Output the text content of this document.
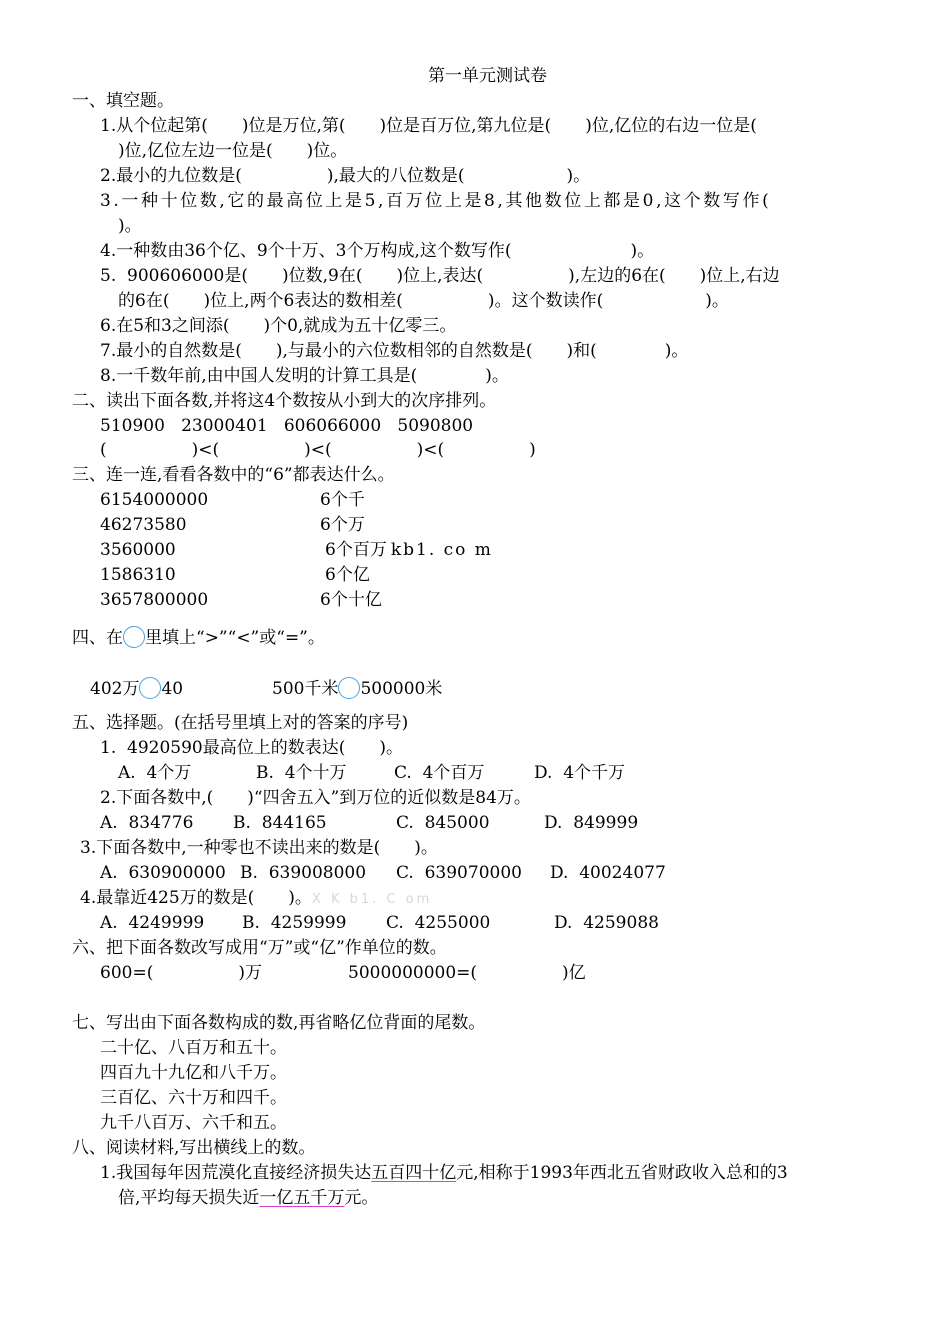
第一单元测试卷
一、填空题。
1.从个位起第(　　)位是万位,第(　　)位是百万位,第九位是(　　)位,亿位的右边一位是(
)位,亿位左边一位是(　　)位。
2.最小的九位数是(　　　　　),最大的八位数是(　　　　　　)。
3.一种十位数,它的最高位上是5,百万位上是8,其他数位上都是0,这个数写作(
)。
4.一种数由36个亿、9个十万、3个万构成,这个数写作(　　　　　　　)。
5.  900606000是(　　)位数,9在(　　)位上,表达(　　　　　),左边的6在(　　)位上,右边
的6在(　　)位上,两个6表达的数相差(　　　　　)。这个数读作(　　　　　　)。
6.在5和3之间添(　　)个0,就成为五十亿零三。
7.最小的自然数是(　　),与最小的六位数相邻的自然数是(　　)和(　　　　)。
8.一千数年前,由中国人发明的计算工具是(　　　　)。
二、读出下面各数,并将这4个数按从小到大的次序排列。
510900   23000401   606066000   5090800
(　　　　　)<(　　　　　)<(　　　　　)<(　　　　　)
三、连一连,看看各数中的“6”都表达什么。
6154000000	6个千
46273580	6个万
3560000	6个百万 kb1. co m
1586310	6个亿
3657800000	6个十亿
四、在 里填上“>”“<”或“=”。
402万 40	500千米 500000米
五、选择题。(在括号里填上对的答案的序号)
1.  4920590最高位上的数表达(　　)。
A.  4个万	B.  4个十万	C.  4个百万	D.  4个千万
2.下面各数中,(　　)“四舍五入”到万位的近似数是84万。
A.  834776 B.  844165	C.  845000	D.  849999
3.下面各数中,一种零也不读出来的数是(　　)。
A.  630900000 B.  639008000 C.  639070000 D.  40024077
4.最靠近425万的数是(　　)。X K b1. C om
A.  4249999 B.  4259999 C.  4255000	D.  4259088
六、把下面各数改写成用“万”或“亿”作单位的数。
600=(　　　　　)万	5000000000=(　　　　　)亿
七、写出由下面各数构成的数,再省略亿位背面的尾数。
二十亿、八百万和五十。
四百九十九亿和八千万。
三百亿、六十万和四千。
九千八百万、六千和五。
八、阅读材料,写出横线上的数。
1.我国每年因荒漠化直接经济损失达五百四十亿元,相称于1993年西北五省财政收入总和的3
倍,平均每天损失近一亿五千万元。
